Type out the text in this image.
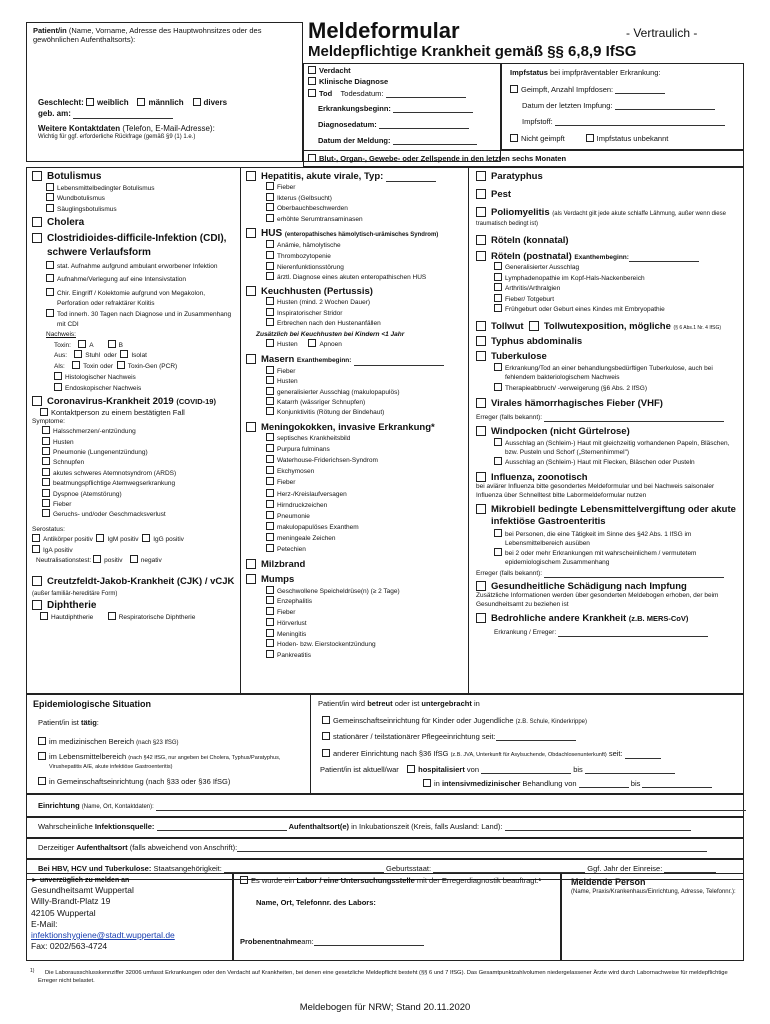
Patient/in (Name, Vorname, Adresse des Hauptwohnsitzes oder des gewöhnlichen Aufenthaltsorts):
Geschlecht: weiblich männlich divers
geb. am:
Weitere Kontaktdaten (Telefon, E-Mail-Adresse):
Wichtig für ggf. erforderliche Rückfrage (gemäß §9 (1) 1.e.)
Meldeformular	- Vertraulich -
Meldepflichtige Krankheit gemäß §§ 6,8,9 IfSG
Verdacht
Klinische Diagnose
Tod Todesdatum:
Erkrankungsbeginn:
Diagnosedatum:
Datum der Meldung:
Impfstatus bei impfpräventabler Erkrankung:
Geimpft, Anzahl Impfdosen:
Datum der letzten Impfung:
Impfstoff:
Nicht geimpft	Impfstatus unbekannt
Blut-, Organ-, Gewebe- oder Zellspende in den letzten sechs Monaten
Botulismus
Lebensmittelbedingter Botulismus
Wundbotulismus
Säuglingsbotulismus
Cholera
Clostridioides-difficile-Infektion (CDI), schwere Verlaufsform
stat. Aufnahme aufgrund ambulant erworbener Infektion
Aufnahme/Verlegung auf eine Intensivstation
Chir. Eingriff / Kolektomie aufgrund von Megakolon, Perforation oder refraktärer Kolitis
Tod innerh. 30 Tagen nach Diagnose und in Zusammenhang mit CDI
Nachweis:
Toxin:	A	B
Aus:	Stuhl oder Isolat
Als:	Toxin oder Toxin-Gen (PCR)
Histologischer Nachweis
Endoskopischer Nachweis
Coronavirus-Krankheit 2019 (COVID-19)
Kontaktperson zu einem bestätigten Fall
Symptome:
Halsschmerzen/-entzündung
Husten
Pneumonie (Lungenentzündung)
Schnupfen
akutes schweres Atemnotsyndrom (ARDS)
beatmungspflichtige Atemwegserkrankung
Dyspnoe (Atemstörung)
Fieber
Geruchs- und/oder Geschmacksverlust
Serostatus:
Antikörper positiv IgM positiv IgG positiv
IgA positiv
Neutralisationstest: positiv	negativ
Creutzfeldt-Jakob-Krankheit (CJK) / vCJK (außer familiär-hereditäre Form)
Diphtherie
Hautdiphtherie	Respiratorische Diphtherie
Hepatitis, akute virale, Typ:
Fieber
Ikterus (Gelbsucht)
Oberbauchbeschwerden
erhöhte Serumtransaminasen
HUS (enteropathisches hämolytisch-urämisches Syndrom)
Anämie, hämolytische
Thrombozytopenie
Nierenfunktionsstörung
ärztl. Diagnose eines akuten enteropathischen HUS
Keuchhusten (Pertussis)
Husten (mind. 2 Wochen Dauer)
Inspiratorischer Stridor
Erbrechen nach den Hustenanfällen
Zusätzlich bei Keuchhusten bei Kindern <1 Jahr
Husten	Apnoen
Masern Exanthembeginn:
Fieber
Husten
generalisierter Ausschlag (makulopapulös)
Katarrh (wässriger Schnupfen)
Konjunktivitis (Rötung der Bindehaut)
Meningokokken, invasive Erkrankung*
septisches Krankheitsbild
Purpura fulminans
Waterhouse-Friderichsen-Syndrom
Ekchymosen
Fieber
Herz-/Kreislaufversagen
Hirndruckzeichen
Pneumonie
makulopapulöses Exanthem
meningeale Zeichen
Petechien
Milzbrand
Mumps
Geschwollene Speicheldrüse(n) (≥ 2 Tage)
Enzephalitis
Fieber
Hörverlust
Meningitis
Hoden- bzw. Eierstockentzündung
Pankreatitis
Paratyphus
Pest
Poliomyelitis (als Verdacht gilt jede akute schlaffe Lähmung, außer wenn diese traumatisch bedingt ist)
Röteln (konnatal)
Röteln (postnatal) Exanthembeginn:
Generalisierter Ausschlag
Lymphadenopathie im Kopf-Hals-Nackenbereich
Arthritis/Arthralgien
Fieber/ Totgeburt
Frühgeburt oder Geburt eines Kindes mit Embryopathie
Tollwut Tollwutexposition, mögliche (§ 6 Abs.1 Nr. 4 IfSG)
Typhus abdominalis
Tuberkulose
Erkrankung/Tod an einer behandlungsbedürftigen Tuberkulose, auch bei fehlendem bakteriologischem Nachweis
Therapieabbruch/ -verweigerung (§6 Abs. 2 IfSG)
Virales hämorrhagisches Fieber (VHF)
Erreger (falls bekannt):
Windpocken (nicht Gürtelrose)
Ausschlag an (Schleim-) Haut mit gleichzeitig vorhandenen Papeln, Bläschen, bzw. Pusteln und Schorf („Sternenhimmel")
Ausschlag an (Schleim-) Haut mit Flecken, Bläschen oder Pusteln
Influenza, zoonotisch
bei aviärer Influenza bitte gesondertes Meldeformular und bei Nachweis saisonaler Influenza über Schnelltest bitte Labormeldeformular nutzen
Mikrobiell bedingte Lebensmittelvergiftung oder akute infektiöse Gastroenteritis
bei Personen, die eine Tätigkeit im Sinne des §42 Abs. 1 IfSG im Lebensmittelbereich ausüben
bei 2 oder mehr Erkrankungen mit wahrscheinlichem / vermutetem epidemiologischem Zusammenhang
Erreger (falls bekannt):
Gesundheitliche Schädigung nach Impfung
Zusätzliche Informationen werden über gesonderten Meldebogen erhoben, der beim Gesundheitsamt zu beziehen ist
Bedrohliche andere Krankheit (z.B. MERS-CoV)
Erkrankung / Erreger:
Epidemiologische Situation
Patient/in ist tätig:
im medizinischen Bereich (nach §23 IfSG)
im Lebensmittelbereich (nach §42 IfSG, nur angeben bei Cholera, Typhus/Paratyphus, Virushepatitis A/E, akute infektiöse Gastroenteritis)
in Gemeinschaftseinrichtung (nach §33 oder §36 IfSG)
Patient/in wird betreut oder ist untergebracht in
Gemeinschaftseinrichtung für Kinder oder Jugendliche (z.B. Schule, Kinderkrippe)
stationärer / teilstationärer Pflegeeinrichtung seit:
anderer Einrichtung nach §36 IfSG (z.B. JVA, Unterkunft für Asylsuchende, Obdachlosenunterkunft) seit:
Patient/in ist aktuell/war	hospitalisiert von	bis
in intensivmedizinischer Behandlung von	bis
Einrichtung (Name, Ort, Kontaktdaten):
Wahrscheinliche Infektionsquelle:	Aufenthaltsort(e) in Inkubationszeit (Kreis, falls Ausland: Land):
Derzeitiger Aufenthaltsort (falls abweichend von Anschrift):
Bei HBV, HCV und Tuberkulose: Staatsangehörigkeit:	Geburtsstaat:	Ggf. Jahr der Einreise:
► unverzüglich zu melden an
Gesundheitsamt Wuppertal
Willy-Brandt-Platz 19
42105 Wuppertal
E-Mail:
infektionshygiene@stadt.wuppertal.de
Fax: 0202/563-4724
Es wurde ein Labor / eine Untersuchungsstelle mit der Erregerdiagnostik beauftragt.¹
Name, Ort, Telefonnr. des Labors:
Probenentnahmeam:
Meldende Person
(Name, Praxis/Krankenhaus/Einrichtung, Adresse, Telefonnr.):
1) Die Laborausschlusskennziffer 32006 umfasst Erkrankungen oder den Verdacht auf Krankheiten, bei denen eine gesetzliche Meldepflicht besteht (§§ 6 und 7 IfSG). Das Gesamtpunktzahlvolumen niedergelassener Ärzte wird durch Labornachweise für meldepflichtige Erreger nicht belastet.
Meldebogen für NRW; Stand 20.11.2020
